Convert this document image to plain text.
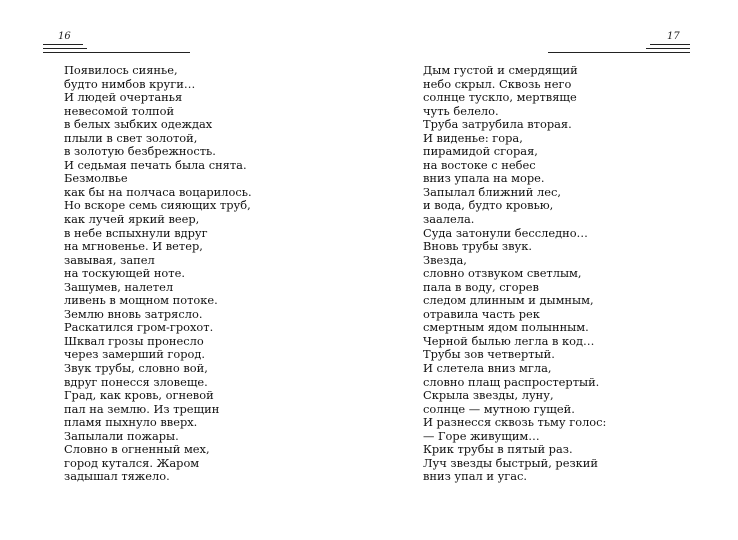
16	17
Появилось сиянье,
будто нимбов круги…
И людей очертанья
невесомой толпой
в белых зыбких одеждах
плыли в свет золотой,
в золотую безбрежность.
И седьмая печать была снята.
Безмолвье
как бы на полчаса воцарилось.
Но вскоре семь сияющих труб,
как лучей яркий веер,
в небе вспыхнули вдруг
на мгновенье. И ветер,
завывая, запел
на тоскующей ноте.
Зашумев, налетел
ливень в мощном потоке.
Землю вновь затрясло.
Раскатился гром-грохот.
Шквал грозы пронесло
через замерший город.
Звук трубы, словно вой,
вдруг понесся зловеще.
Град, как кровь, огневой
пал на землю. Из трещин
пламя пыхнуло вверх.
Запылали пожары.
Словно в огненный мех,
город кутался. Жаром
задышал тяжело.
Дым густой и смердящий
небо скрыл. Сквозь него
солнце тускло, мертвяще
чуть белело.
Труба затрубила вторая.
И виденье: гора,
пирамидой сгорая,
на востоке с небес
вниз упала на море.
Запылал ближний лес,
и вода, будто кровью,
заалела.
Суда затонули бесследно…
Вновь трубы звук.
Звезда,
словно отзвуком светлым,
пала в воду, сгорев
следом длинным и дымным,
отравила часть рек
смертным ядом полынным.
Черной былью легла в код…
Трубы зов четвертый.
И слетела вниз мгла,
словно плащ распростертый.
Скрыла звезды, луну,
солнце — мутною гущей.
И разнесся сквозь тьму голос:
— Горе живущим…
Крик трубы в пятый раз.
Луч звезды быстрый, резкий
вниз упал и угас.
